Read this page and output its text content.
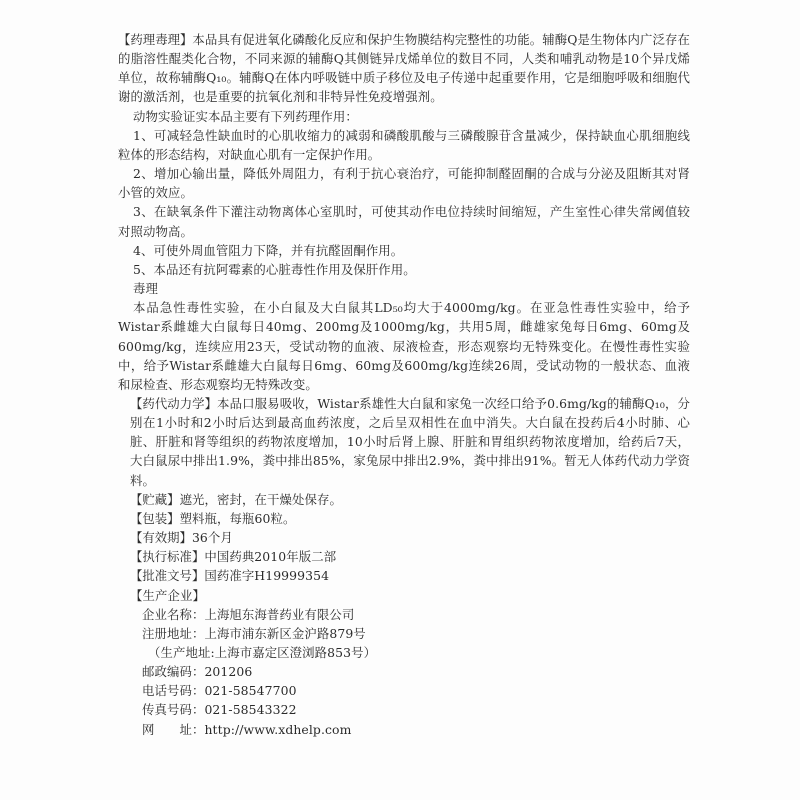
【药理毒理】本品具有促进氧化磷酸化反应和保护生物膜结构完整性的功能。辅酶Q是生物体内广泛存在的脂溶性醌类化合物，不同来源的辅酶Q其侧链异戊烯单位的数目不同，人类和哺乳动物是10个异戊烯单位，故称辅酶Q₁₀。辅酶Q在体内呼吸链中质子移位及电子传递中起重要作用，它是细胞呼吸和细胞代谢的激活剂，也是重要的抗氧化剂和非特异性免疫增强剂。

动物实验证实本品主要有下列药理作用：

1、可减轻急性缺血时的心肌收缩力的减弱和磷酸肌酸与三磷酸腺苷含量减少，保持缺血心肌细胞线粒体的形态结构，对缺血心肌有一定保护作用。

2、增加心输出量，降低外周阻力，有利于抗心衰治疗，可能抑制醛固酮的合成与分泌及阻断其对肾小管的效应。

3、在缺氧条件下灌注动物离体心室肌时，可使其动作电位持续时间缩短，产生室性心律失常阈值较对照动物高。

4、可使外周血管阻力下降，并有抗醛固酮作用。

5、本品还有抗阿霉素的心脏毒性作用及保肝作用。

毒理

本品急性毒性实验，在小白鼠及大白鼠其LD₅₀均大于4000mg/kg。在亚急性毒性实验中，给予Wistar系雌雄大白鼠每日40mg、200mg及1000mg/kg，共用5周，雌雄家兔每日6mg、60mg及600mg/kg，连续应用23天，受试动物的血液、尿液检查，形态观察均无特殊变化。在慢性毒性实验中，给予Wistar系雌雄大白鼠每日6mg、60mg及600mg/kg连续26周，受试动物的一般状态、血液和尿检查、形态观察均无特殊改变。

【药代动力学】本品口服易吸收，Wistar系雄性大白鼠和家兔一次经口给予0.6mg/kg的辅酶Q₁₀，分别在1小时和2小时后达到最高血药浓度，之后呈双相性在血中消失。大白鼠在投药后4小时肺、心脏、肝脏和肾等组织的药物浓度增加，10小时后肾上腺、肝脏和胃组织药物浓度增加，给药后7天，大白鼠尿中排出1.9%，粪中排出85%，家兔尿中排出2.9%，粪中排出91%。暂无人体药代动力学资料。

【贮藏】遮光，密封，在干燥处保存。

【包装】塑料瓶，每瓶60粒。

【有效期】36个月

【执行标准】中国药典2010年版二部

【批准文号】国药准字H19999354

【生产企业】

企业名称：上海旭东海普药业有限公司

注册地址：上海市浦东新区金沪路879号

（生产地址:上海市嘉定区澄浏路853号）

邮政编码：201206

电话号码：021-58547700

传真号码：021-58543322

网　　址：http://www.xdhelp.com
